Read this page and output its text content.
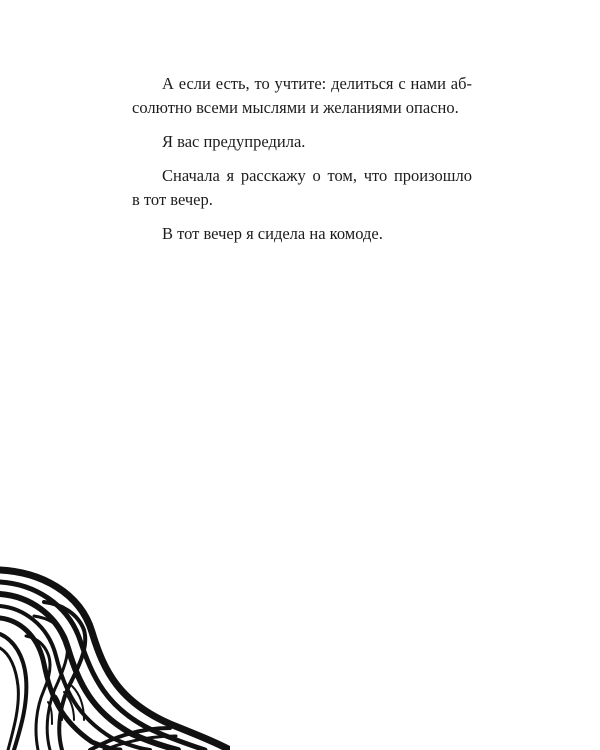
А если есть, то учтите: делиться с нами аб-
солютно всеми мыслями и желаниями опасно.

Я вас предупредила.

Сначала я расскажу о том, что произошло
в тот вечер.

В тот вечер я сидела на комоде.
